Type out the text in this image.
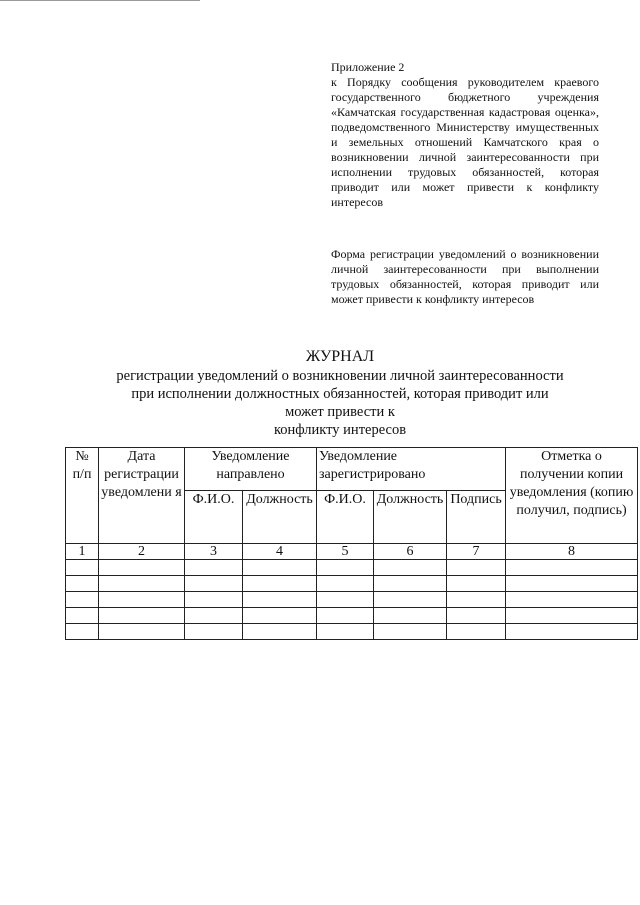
Приложение 2
к Порядку сообщения руководителем краевого государственного бюджетного учреждения «Камчатская государственная кадастровая оценка», подведомственного Министерству имущественных и земельных отношений Камчатского края о возникновении личной заинтересованности при исполнении трудовых обязанностей, которая приводит или может привести к конфликту интересов
Форма регистрации уведомлений о возникновении личной заинтересованности при выполнении трудовых обязанностей, которая приводит или может привести к конфликту интересов
ЖУРНАЛ
регистрации уведомлений о возникновении личной заинтересованности
при исполнении должностных обязанностей, которая приводит или
может привести к
конфликту интересов
№ п/п	Дата регистрации уведомлени я	Уведомление направлено		Уведомление зарегистрировано			Отметка о получении копии уведомления (копию получил, подпись)
		Ф.И.О.	Должность	Ф.И.О.	Должность	Подпись	
1	2	3	4	5	6	7	8
